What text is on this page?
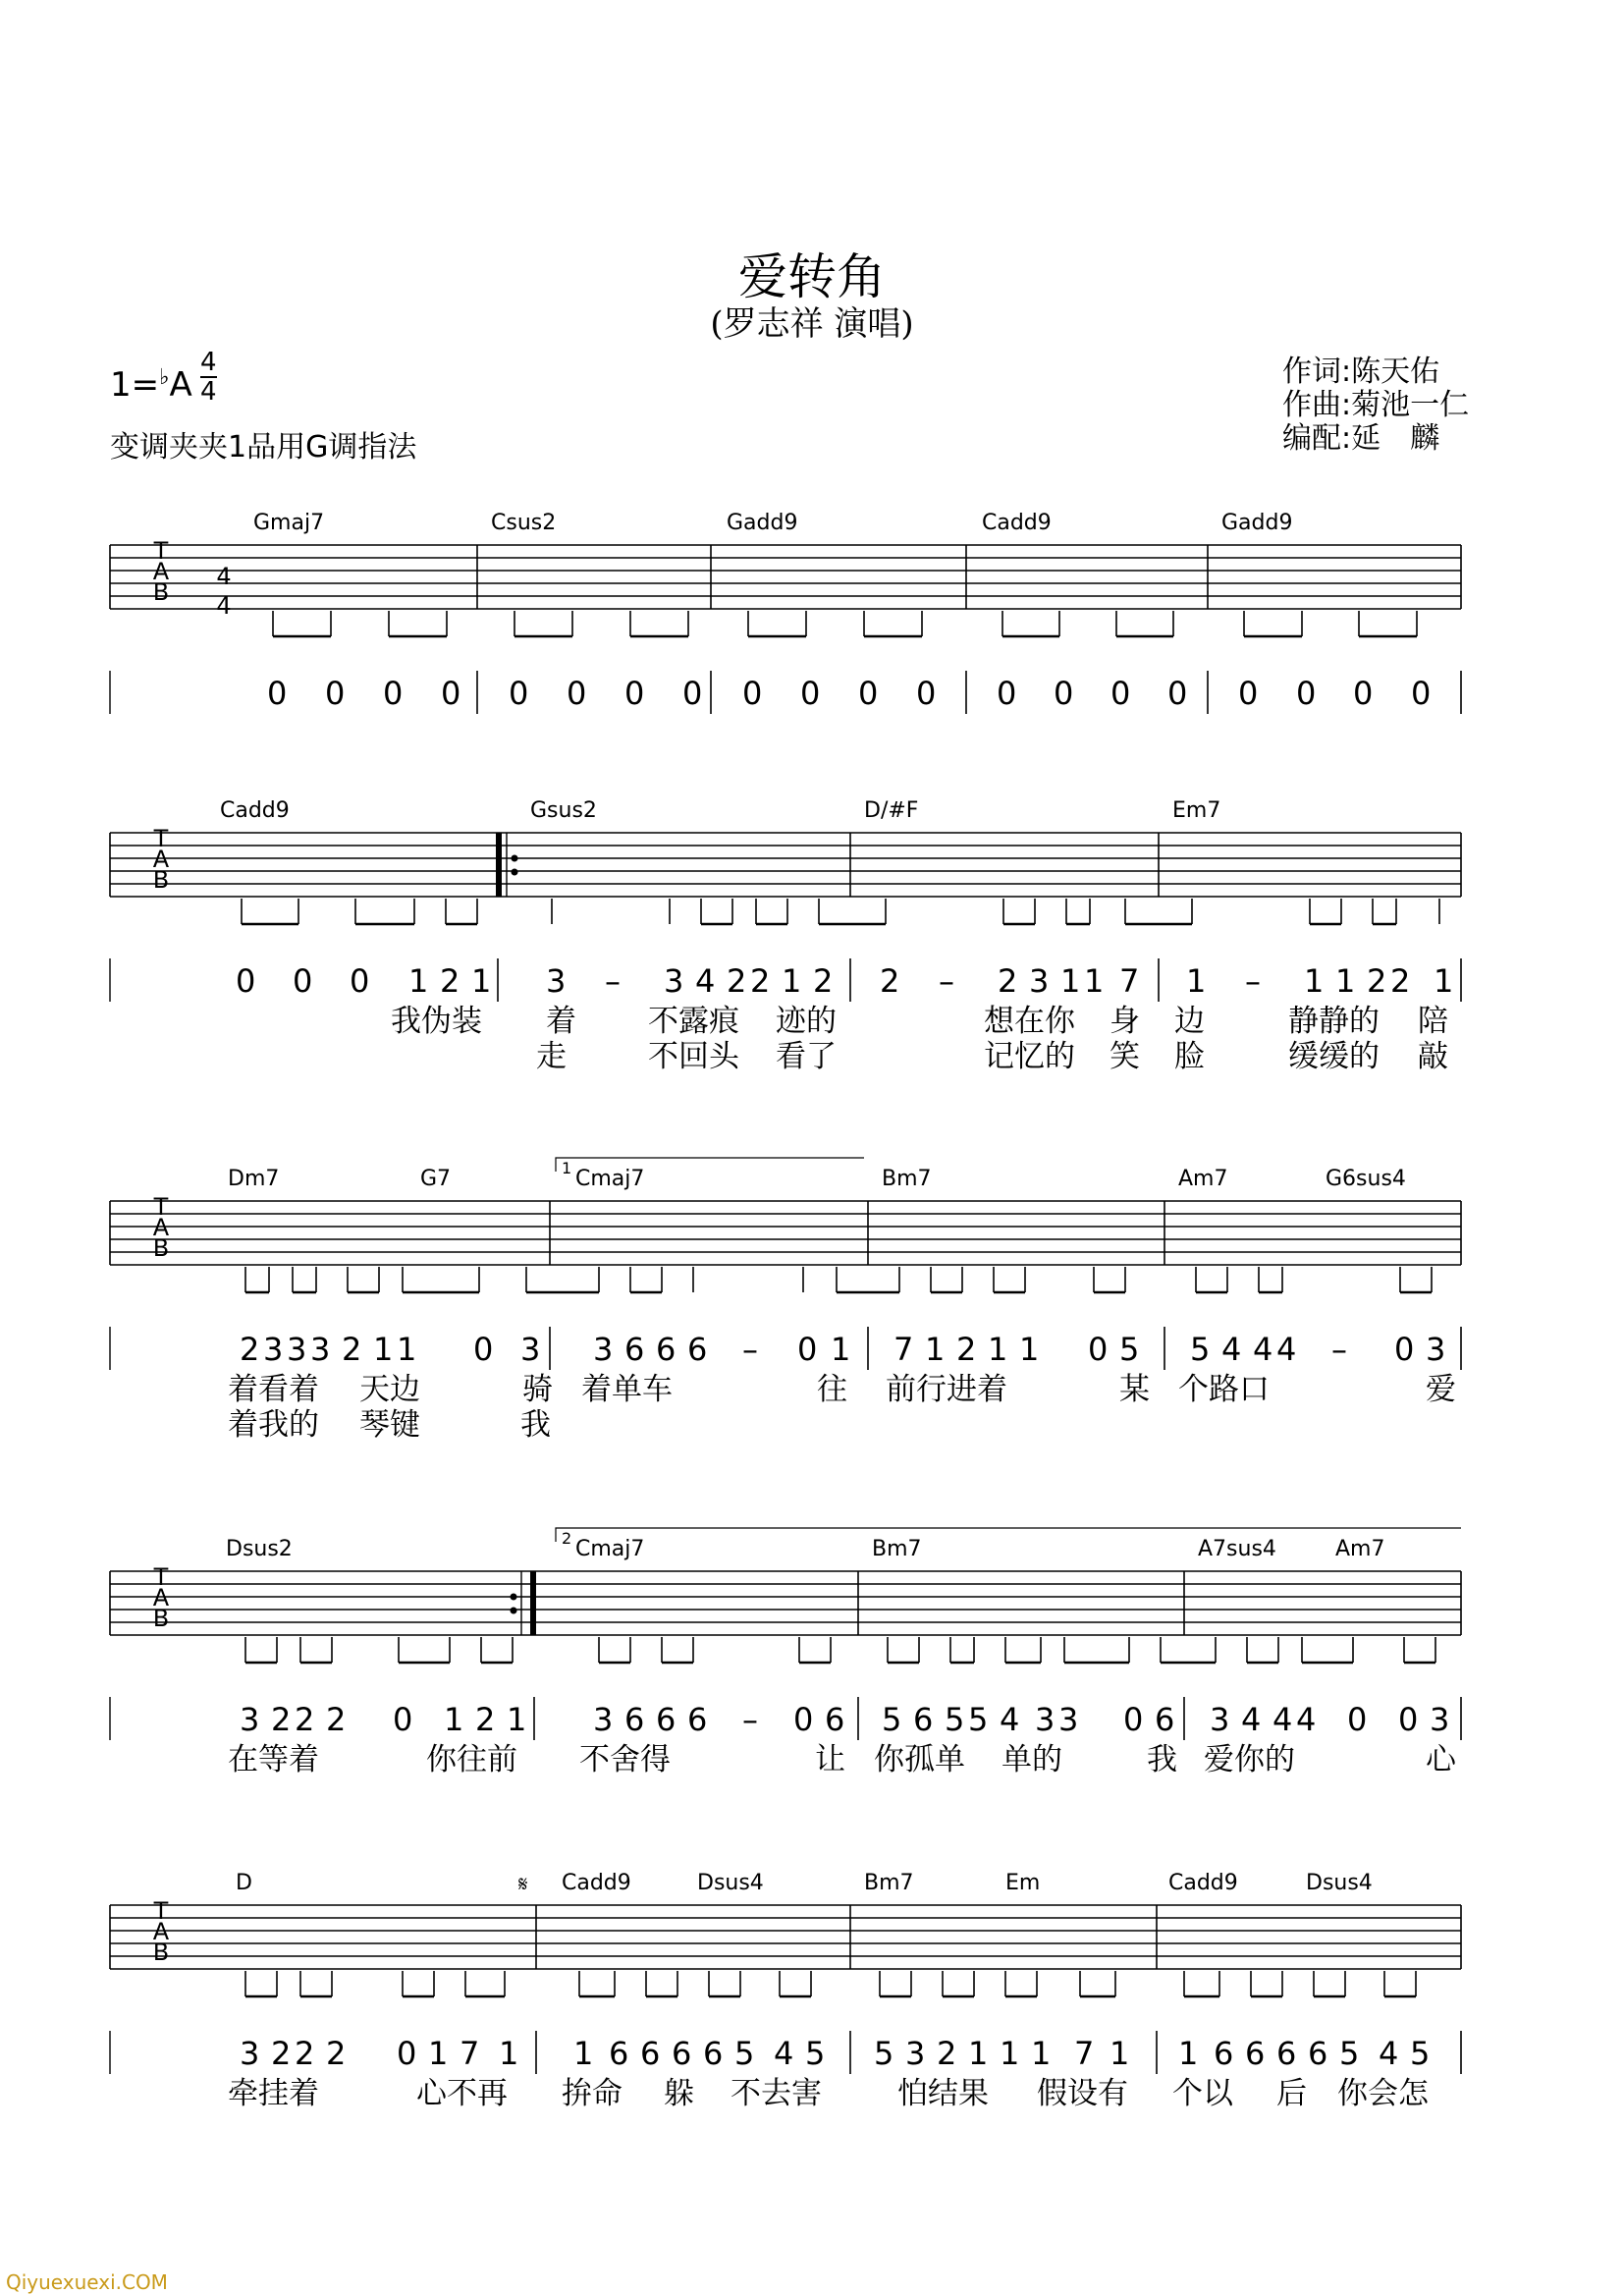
爱转角
(罗志祥 演唱)
1=♭A
4
4
变调夹夹1品用G调指法
作词:陈天佑
作曲:菊池一仁
编配:延　麟
T
A
B
4
4
Gmaj7	Csus2	Gadd9	Cadd9	Gadd9
0 0 0 0 0 0 0 0 0 0 0 0 0 0 0 0 0 0 0 0
T
A
B
Cadd9	Gsus2	D/#F	Em7
0 0 0 1 2 1 3 – 3 4 2 2 1 2 2 – 2 3 1 1 7 1 – 1 1 2 2 1
我伪装 着 不露痕 迹的	想在你 身 边	静静的 陪
走	不回头 看了	记忆的 笑 脸	缓缓的 敲
T
A
B
Dm7	G7	Cmaj7	Bm7	Am7	G6sus4
1
2 3 3 3 2 1 1 0 3 3 6 6 6 – 0 1 7 1 2 1 1 0 5 5 4 4 4 – 0 3
着看着 天边	骑 着单车	往 前行进着	某 个路口	爱
着我的 琴键	我
T
A
B
Dsus2	Cmaj7	Bm7	A7sus4	Am7
2
3 2 2 2 0 1 2 1 3 6 6 6 – 0 6 5 6 5 5 4 3 3 0 6 3 4 4 4 0 0 3
在等着	你往前 不舍得	让 你孤单 单的	我 爱你的	心
T
A
B
D	Cadd9	Dsus4	Bm7	Em	Cadd9	Dsus4
𝄋
3 2 2 2 0 1 7 1 1 6 6 6 6 5 4 5 5 3 2 1 1 1 7 1 1 6 6 6 6 5 4 5
牵挂着	心不再 拚命 躲 不去害 怕结果 假设有 个以 后 你会怎
Qiyuexuexi.COM
